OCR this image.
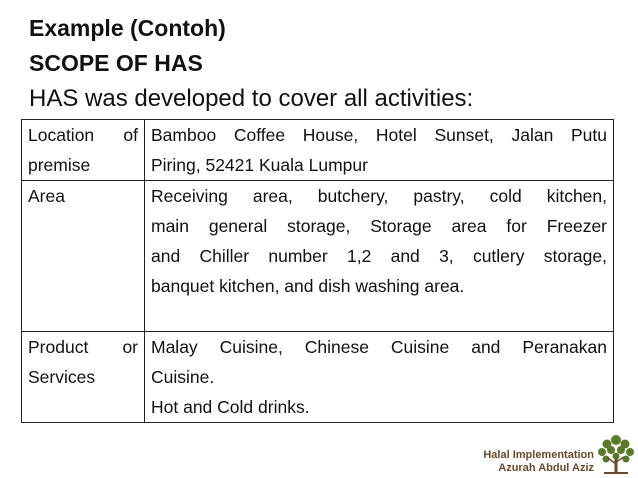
Example (Contoh)
SCOPE OF HAS
HAS was developed to cover all activities:
Location of
premise	Bamboo Coffee House, Hotel Sunset, Jalan Putu
Piring, 52421 Kuala Lumpur

Area	Receiving area, butchery, pastry, cold kitchen,
main general storage, Storage area for Freezer
and Chiller number 1,2 and 3, cutlery storage,
banquet kitchen, and dish washing area.

Product or
Services	Malay Cuisine, Chinese Cuisine and Peranakan
Cuisine.
Hot and Cold drinks.
Halal Implementation
Azurah Abdul Aziz
